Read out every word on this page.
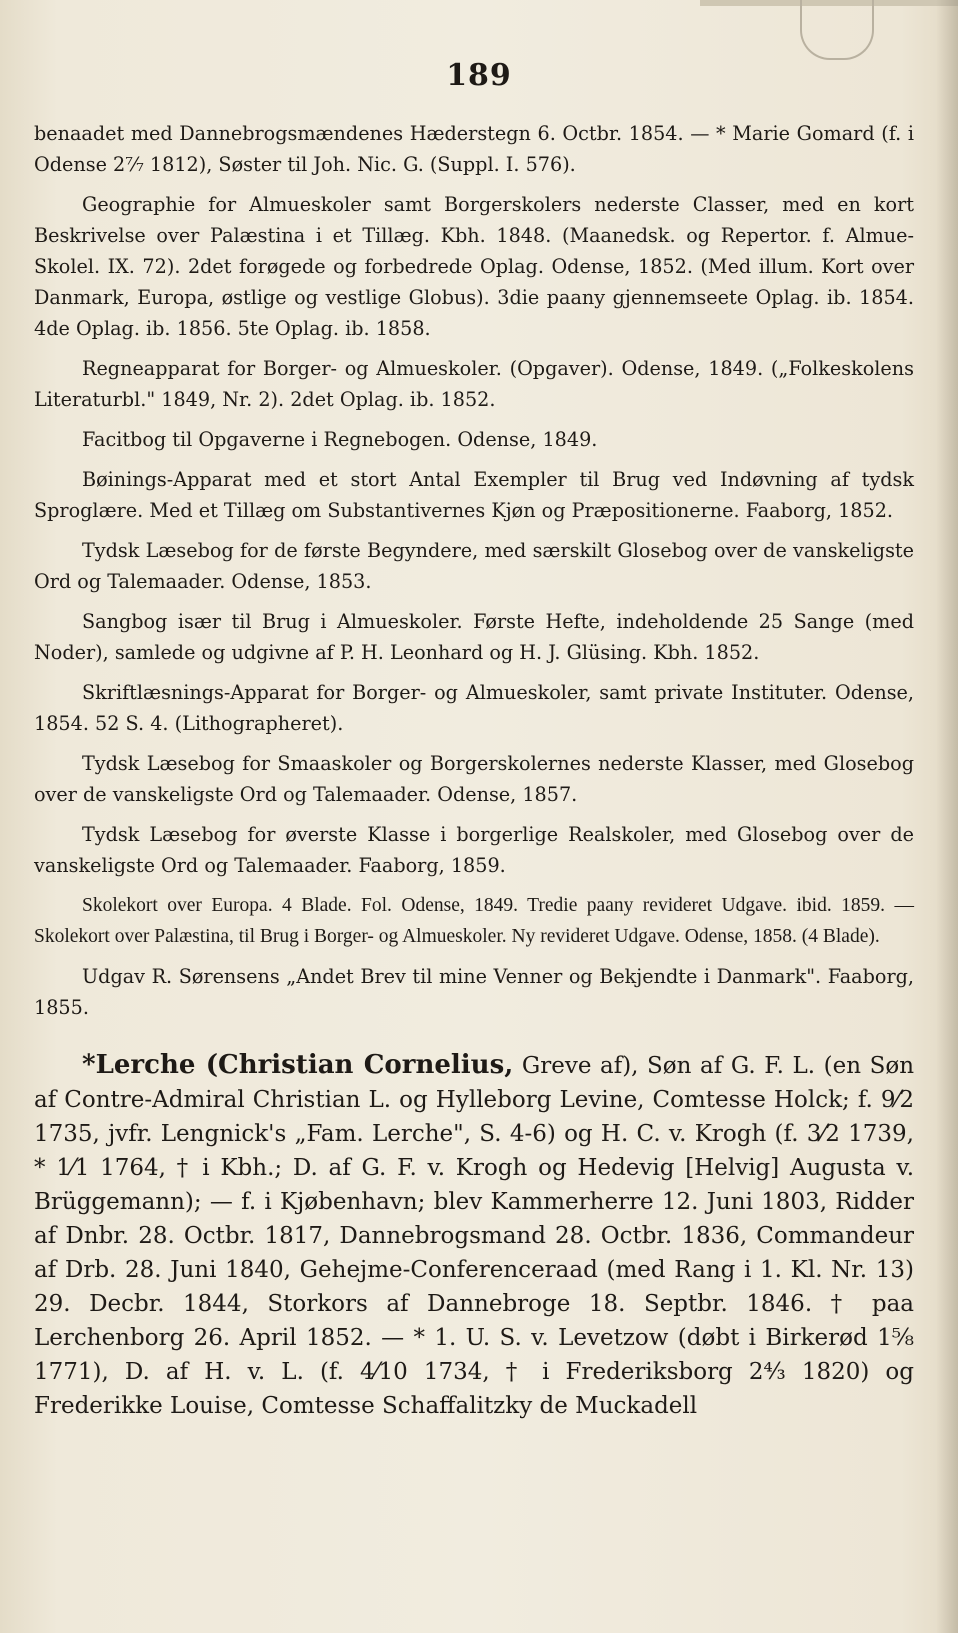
189

benaadet med Dannebrogsmændenes Hæderstegn 6. Octbr. 1854. — * Marie Gomard (f. i Odense 2⁷⁄₇ 1812), Søster til Joh. Nic. G. (Suppl. I. 576).

Geographie for Almueskoler samt Borgerskolers nederste Classer, med en kort Beskrivelse over Palæstina i et Tillæg. Kbh. 1848. (Maanedsk. og Repertor. f. Almue-Skolel. IX. 72). 2det forøgede og forbedrede Oplag. Odense, 1852. (Med illum. Kort over Danmark, Europa, østlige og vestlige Globus). 3die paany gjennemseete Oplag. ib. 1854. 4de Oplag. ib. 1856. 5te Oplag. ib. 1858.

Regneapparat for Borger- og Almueskoler. (Opgaver). Odense, 1849. („Folkeskolens Literaturbl." 1849, Nr. 2). 2det Oplag. ib. 1852.

Facitbog til Opgaverne i Regnebogen. Odense, 1849.

Bøinings-Apparat med et stort Antal Exempler til Brug ved Indøvning af tydsk Sproglære. Med et Tillæg om Substantivernes Kjøn og Præpositionerne. Faaborg, 1852.

Tydsk Læsebog for de første Begyndere, med særskilt Glosebog over de vanskeligste Ord og Talemaader. Odense, 1853.

Sangbog især til Brug i Almueskoler. Første Hefte, indeholdende 25 Sange (med Noder), samlede og udgivne af P. H. Leonhard og H. J. Glüsing. Kbh. 1852.

Skriftlæsnings-Apparat for Borger- og Almueskoler, samt private Instituter. Odense, 1854. 52 S. 4. (Lithographeret).

Tydsk Læsebog for Smaaskoler og Borgerskolernes nederste Klasser, med Glosebog over de vanskeligste Ord og Talemaader. Odense, 1857.

Tydsk Læsebog for øverste Klasse i borgerlige Realskoler, med Glosebog over de vanskeligste Ord og Talemaader. Faaborg, 1859.

Skolekort over Europa. 4 Blade. Fol. Odense, 1849. Tredie paany revideret Udgave. ibid. 1859. — Skolekort over Palæstina, til Brug i Borger- og Almueskoler. Ny revideret Udgave. Odense, 1858. (4 Blade).

Udgav R. Sørensens „Andet Brev til mine Venner og Bekjendte i Danmark". Faaborg, 1855.

*Lerche (Christian Cornelius, Greve af), Søn af G. F. L. (en Søn af Contre-Admiral Christian L. og Hylleborg Levine, Comtesse Holck; f. 9⁄2 1735, jvfr. Lengnick's „Fam. Lerche", S. 4-6) og H. C. v. Krogh (f. 3⁄2 1739, * 1⁄1 1764, † i Kbh.; D. af G. F. v. Krogh og Hedevig [Helvig] Augusta v. Brüggemann); — f. i Kjøbenhavn; blev Kammerherre 12. Juni 1803, Ridder af Dnbr. 28. Octbr. 1817, Dannebrogsmand 28. Octbr. 1836, Commandeur af Drb. 28. Juni 1840, Gehejme-Conferenceraad (med Rang i 1. Kl. Nr. 13) 29. Decbr. 1844, Storkors af Dannebroge 18. Septbr. 1846. † paa Lerchenborg 26. April 1852. — * 1. U. S. v. Levetzow (døbt i Birkerød 1⁵⁄₈ 1771), D. af H. v. L. (f. 4⁄10 1734, † i Frederiksborg 2⁴⁄₃ 1820) og Frederikke Louise, Comtesse Schaffalitzky de Muckadell
